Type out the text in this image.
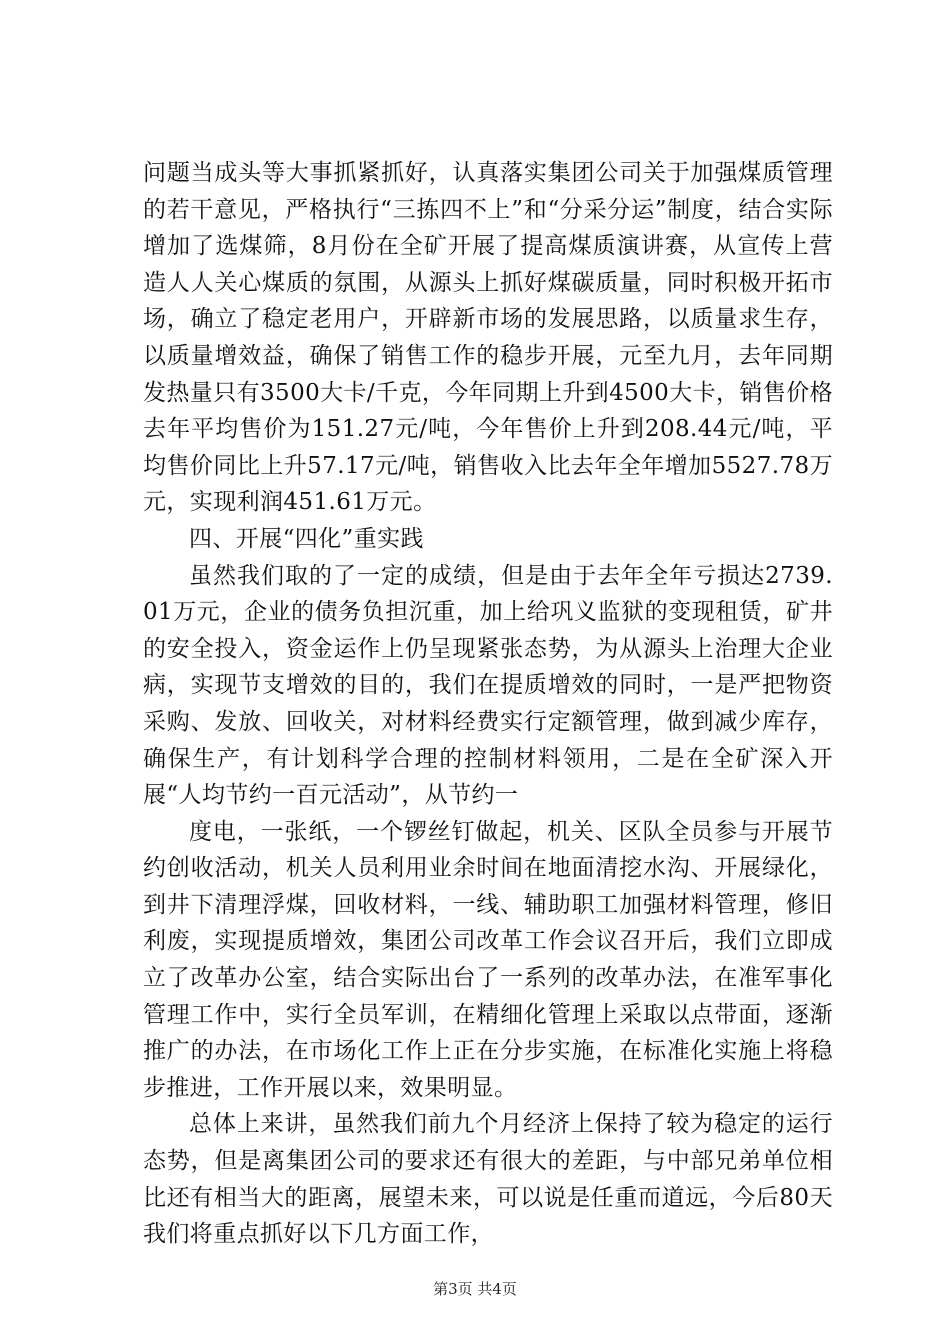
问题当成头等大事抓紧抓好，认真落实集团公司关于加强煤质管理的若干意见，严格执行“三拣四不上”和“分采分运”制度，结合实际增加了选煤筛，8月份在全矿开展了提高煤质演讲赛，从宣传上营造人人关心煤质的氛围，从源头上抓好煤碳质量，同时积极开拓市场，确立了稳定老用户，开辟新市场的发展思路，以质量求生存，以质量增效益，确保了销售工作的稳步开展，元至九月，去年同期发热量只有3500大卡/千克，今年同期上升到4500大卡，销售价格去年平均售价为151.27元/吨，今年售价上升到208.44元/吨，平均售价同比上升57.17元/吨，销售收入比去年全年增加5527.78万元，实现利润451.61万元。

四、开展“四化”重实践

虽然我们取的了一定的成绩，但是由于去年全年亏损达2739.01万元，企业的债务负担沉重，加上给巩义监狱的变现租赁，矿井的安全投入，资金运作上仍呈现紧张态势，为从源头上治理大企业病，实现节支增效的目的，我们在提质增效的同时，一是严把物资采购、发放、回收关，对材料经费实行定额管理，做到减少库存，确保生产，有计划科学合理的控制材料领用，二是在全矿深入开展“人均节约一百元活动”，从节约一

度电，一张纸，一个锣丝钉做起，机关、区队全员参与开展节约创收活动，机关人员利用业余时间在地面清挖水沟、开展绿化，到井下清理浮煤，回收材料，一线、辅助职工加强材料管理，修旧利废，实现提质增效，集团公司改革工作会议召开后，我们立即成立了改革办公室，结合实际出台了一系列的改革办法，在准军事化管理工作中，实行全员军训，在精细化管理上采取以点带面，逐渐推广的办法，在市场化工作上正在分步实施，在标准化实施上将稳步推进，工作开展以来，效果明显。

总体上来讲，虽然我们前九个月经济上保持了较为稳定的运行态势，但是离集团公司的要求还有很大的差距，与中部兄弟单位相比还有相当大的距离，展望未来，可以说是任重而道远，今后80天我们将重点抓好以下几方面工作，

第3页 共4页
